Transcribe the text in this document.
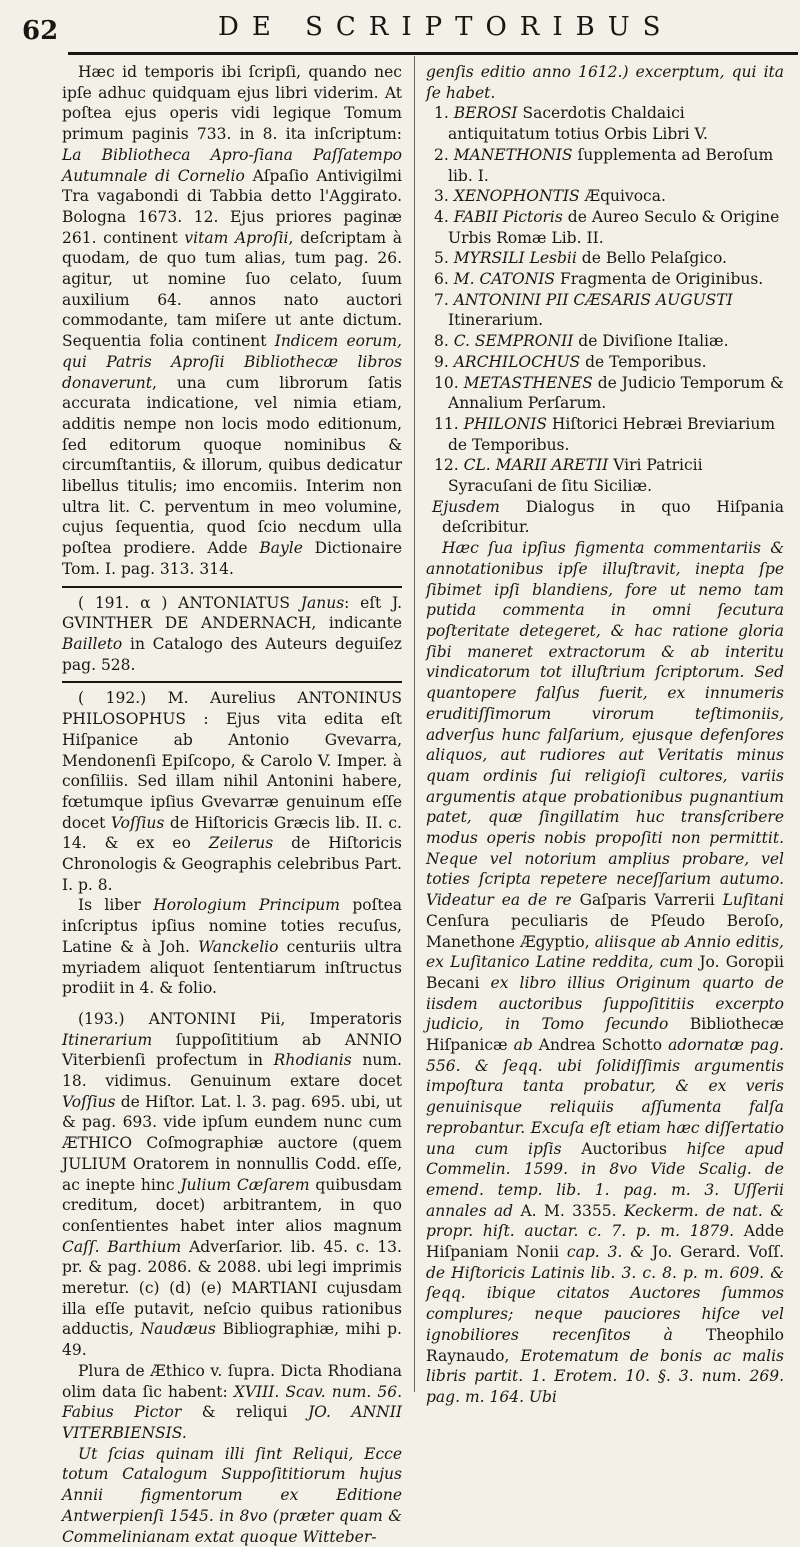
62	DE SCRIPTORIBUS

Hæc id temporis ibi ſcripſi, quando nec ipſe adhuc quidquam ejus libri viderim. At poſtea ejus operis vidi legique Tomum primum paginis 733. in 8. ita inſcriptum: La Bibliotheca Apro-ſiana Paſſatempo Autumnale di Cornelio Aſpaſio Antivigilmi Tra vagabondi di Tabbia detto l'Aggirato. Bologna 1673. 12. Ejus priores paginæ 261. continent vitam Aproſii, deſcriptam à quodam, de quo tum alias, tum pag. 26. agitur, ut nomine ſuo celato, ſuum auxilium 64. annos nato auctori commodante, tam miſere ut ante dictum. Sequentia folia continent Indicem eorum, qui Patris Aproſii Bibliothecæ libros donaverunt, una cum librorum ſatis accurata indicatione, vel nimia etiam, additis nempe non locis modo editionum, ſed editorum quoque nominibus & circumſtantiis, & illorum, quibus dedicatur libellus titulis; imo encomiis. Interim non ultra lit. C. perventum in meo volumine, cujus ſequentia, quod ſcio necdum ulla poſtea prodiere. Adde Bayle Dictionaire Tom. I. pag. 313. 314.

( 191. α ) ANTONIATUS Janus: eſt J. GVINTHER DE ANDERNACH, indicante Bailleto in Catalogo des Auteurs deguiſez pag. 528.

( 192.) M. Aurelius ANTONINUS PHILOSOPHUS : Ejus vita edita eſt Hiſpanice ab Antonio Gvevarra, Mendonenſi Epiſcopo, & Carolo V. Imper. à conſiliis. Sed illam nihil Antonini habere, fœtumque ipſius Gvevarræ genuinum eſſe docet Voſſius de Hiſtoricis Græcis lib. II. c. 14. & ex eo Zeilerus de Hiſtoricis Chronologis & Geographis celebribus Part. I. p. 8.

Is liber Horologium Principum poſtea inſcriptus ipſius nomine toties recuſus, Latine & à Joh. Wanckelio centuriis ultra myriadem aliquot ſententiarum inſtructus prodiit in 4. & folio.

(193.) ANTONINI Pii, Imperatoris Itinerarium ſuppoſititium ab ANNIO Viterbienſi profectum in Rhodianis num. 18. vidimus. Genuinum extare docet Voſſius de Hiſtor. Lat. l. 3. pag. 695. ubi, ut & pag. 693. vide ipſum eundem nunc cum ÆTHICO Coſmographiæ auctore (quem JULIUM Oratorem in nonnullis Codd. eſſe, ac inepte hinc Julium Cæſarem quibusdam creditum, docet) arbitrantem, in quo conſentientes habet inter alios magnum Caſſ. Barthium Adverſarior. lib. 45. c. 13. pr. & pag. 2086. & 2088. ubi legi imprimis meretur. (c) (d) (e) MARTIANI cujusdam illa eſſe putavit, neſcio quibus rationibus adductis, Naudæus Bibliographiæ, mihi p. 49.

Plura de Æthico v. ſupra. Dicta Rhodiana olim data ſic habent: XVIII. Scav. num. 56. Fabius Pictor & reliqui JO. ANNII VITERBIENSIS.

Ut ſcias quinam illi ſint Reliqui, Ecce totum Catalogum Suppoſititiorum hujus Annii figmentorum ex Editione Antwerpienſi 1545. in 8vo (præter quam & Commelinianam extat quoque Witteber-

genſis editio anno 1612.) excerptum, qui ita ſe habet.

1. BEROSI Sacerdotis Chaldaici antiquitatum totius Orbis Libri V.

2. MANETHONIS ſupplementa ad Beroſum lib. I.

3. XENOPHONTIS Æquivoca.

4. FABII Pictoris de Aureo Seculo & Origine Urbis Romæ Lib. II.

5. MYRSILI Lesbii de Bello Pelaſgico.

6. M. CATONIS Fragmenta de Originibus.

7. ANTONINI PII CÆSARIS AUGUSTI Itinerarium.

8. C. SEMPRONII de Diviſione Italiæ.

9. ARCHILOCHUS de Temporibus.

10. METASTHENES de Judicio Temporum & Annalium Perſarum.

11. PHILONIS Hiſtorici Hebræi Breviarium de Temporibus.

12. CL. MARII ARETII Viri Patricii Syracuſani de ſitu Siciliæ.

Ejusdem Dialogus in quo Hiſpania deſcribitur.

Hæc ſua ipſius figmenta commentariis & annotationibus ipſe illuſtravit, inepta ſpe ſibimet ipſi blandiens, fore ut nemo tam putida commenta in omni ſecutura poſteritate detegeret, & hac ratione gloria ſibi maneret extractorum & ab interitu vindicatorum tot illuſtrium ſcriptorum. Sed quantopere falſus fuerit, ex innumeris eruditiſſimorum virorum teſtimoniis, adverſus hunc falſarium, ejusque defenſores aliquos, aut rudiores aut Veritatis minus quam ordinis ſui religioſi cultores, variis argumentis atque probationibus pugnantium patet, quæ ſingillatim huc transſcribere modus operis nobis propoſiti non permittit. Neque vel notorium amplius probare, vel toties ſcripta repetere neceſſarium autumo. Videatur ea de re Gaſparis Varrerii Luſitani Cenſura peculiaris de Pſeudo Beroſo, Manethone Ægyptio, aliisque ab Annio editis, ex Luſitanico Latine reddita, cum Jo. Goropii Becani ex libro illius Originum quarto de iisdem auctoribus ſuppoſititiis excerpto judicio, in Tomo ſecundo Bibliothecæ Hiſpanicæ ab Andrea Schotto adornatæ pag. 556. & ſeqq. ubi ſolidiſſimis argumentis impoſtura tanta probatur, & ex veris genuinisque reliquiis aſſumenta falſa reprobantur. Excuſa eſt etiam hæc diſſertatio una cum ipſis Auctoribus hiſce apud Commelin. 1599. in 8vo Vide Scalig. de emend. temp. lib. 1. pag. m. 3. Uſſerii annales ad A. M. 3355. Keckerm. de nat. & propr. hiſt. auctar. c. 7. p. m. 1879. Adde Hiſpaniam Nonii cap. 3. & Jo. Gerard. Voſſ. de Hiſtoricis Latinis lib. 3. c. 8. p. m. 609. & ſeqq. ibique citatos Auctores ſummos complures; neque pauciores hiſce vel ignobiliores recenſitos à Theophilo Raynaudo, Erotematum de bonis ac malis libris partit. 1. Erotem. 10. §. 3. num. 269. pag. m. 164. Ubi
